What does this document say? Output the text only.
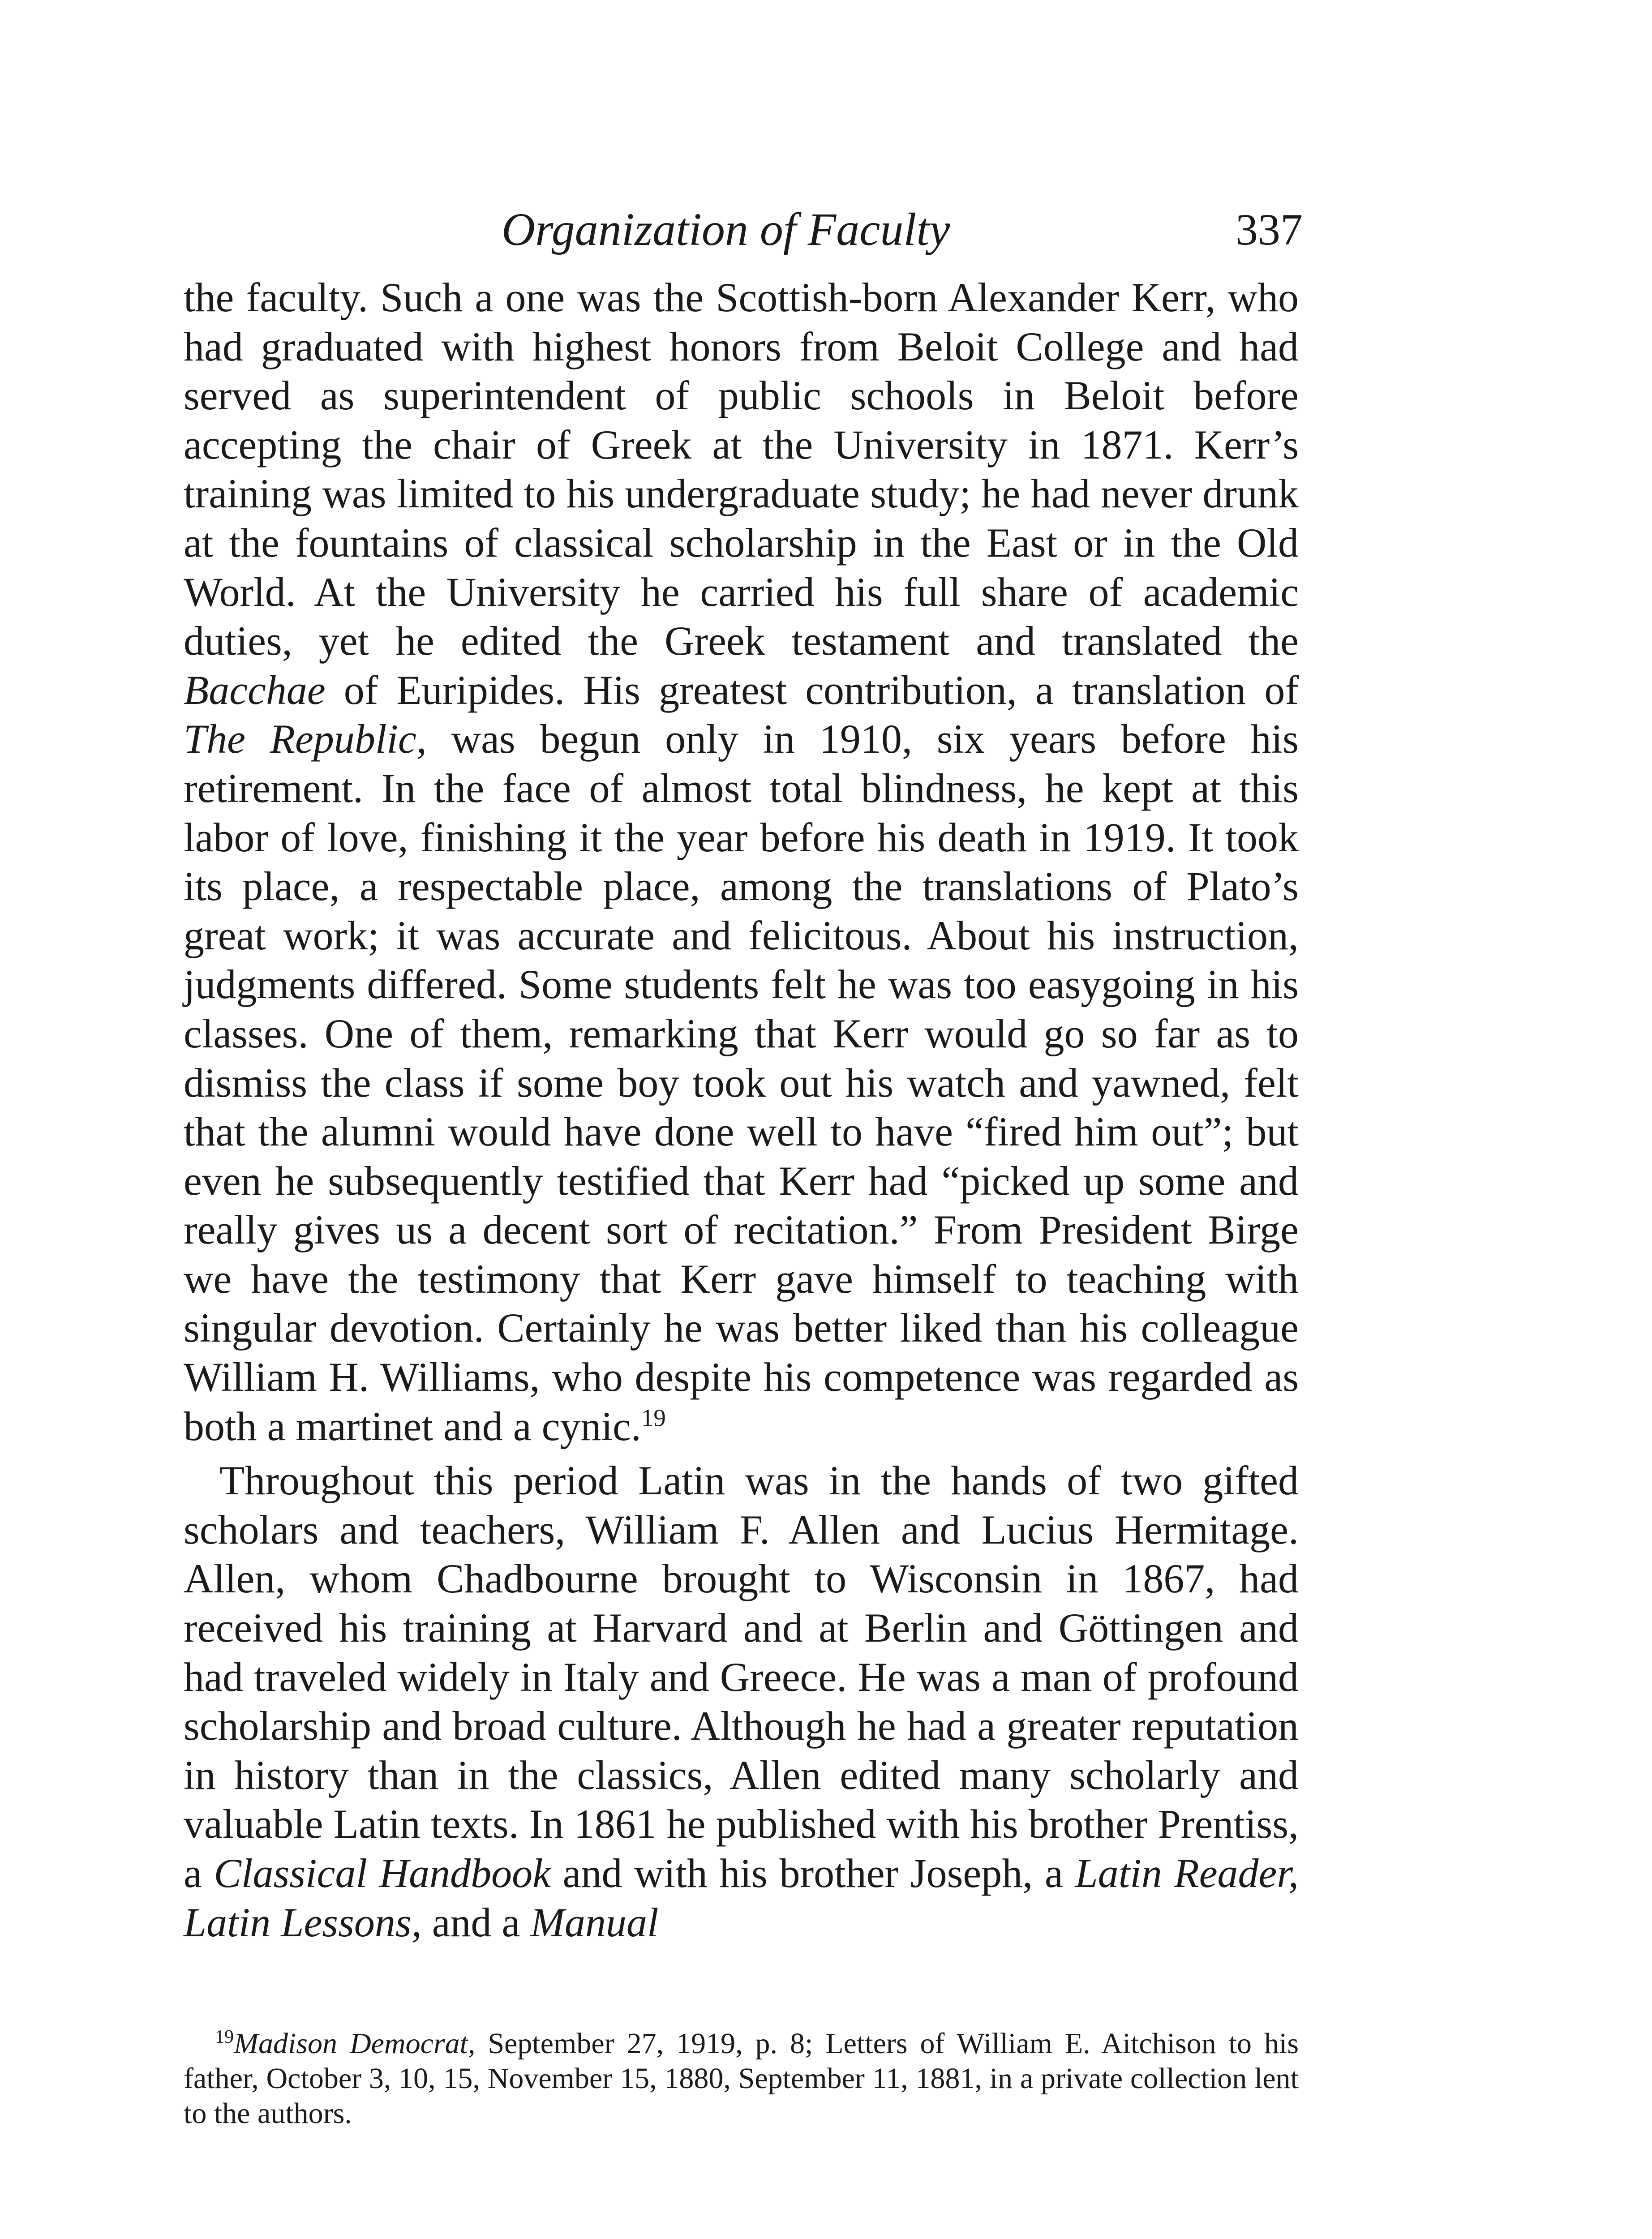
Organization of Faculty	337

the faculty. Such a one was the Scottish-born Alexander Kerr, who had graduated with highest honors from Beloit College and had served as superintendent of public schools in Beloit before accepting the chair of Greek at the University in 1871. Kerr’s training was limited to his undergraduate study; he had never drunk at the fountains of classical scholarship in the East or in the Old World. At the University he carried his full share of academic duties, yet he edited the Greek testament and translated the Bacchae of Euripides. His greatest contribution, a translation of The Republic, was begun only in 1910, six years before his retirement. In the face of almost total blindness, he kept at this labor of love, finishing it the year before his death in 1919. It took its place, a respectable place, among the translations of Plato’s great work; it was accurate and felicitous. About his instruction, judgments differed. Some students felt he was too easygoing in his classes. One of them, remarking that Kerr would go so far as to dismiss the class if some boy took out his watch and yawned, felt that the alumni would have done well to have “fired him out”; but even he subsequently testified that Kerr had “picked up some and really gives us a decent sort of recitation.” From President Birge we have the testimony that Kerr gave himself to teaching with singular devotion. Certainly he was better liked than his colleague William H. Williams, who despite his competence was regarded as both a martinet and a cynic.$^{19}$

Throughout this period Latin was in the hands of two gifted scholars and teachers, William F. Allen and Lucius Hermitage. Allen, whom Chadbourne brought to Wisconsin in 1867, had received his training at Harvard and at Berlin and Göttingen and had traveled widely in Italy and Greece. He was a man of profound scholarship and broad culture. Although he had a greater reputation in history than in the classics, Allen edited many scholarly and valuable Latin texts. In 1861 he published with his brother Prentiss, a Classical Handbook and with his brother Joseph, a Latin Reader, Latin Lessons, and a Manual

$^{19}$Madison Democrat, September 27, 1919, p. 8; Letters of William E. Aitchison to his father, October 3, 10, 15, November 15, 1880, September 11, 1881, in a private collection lent to the authors.
